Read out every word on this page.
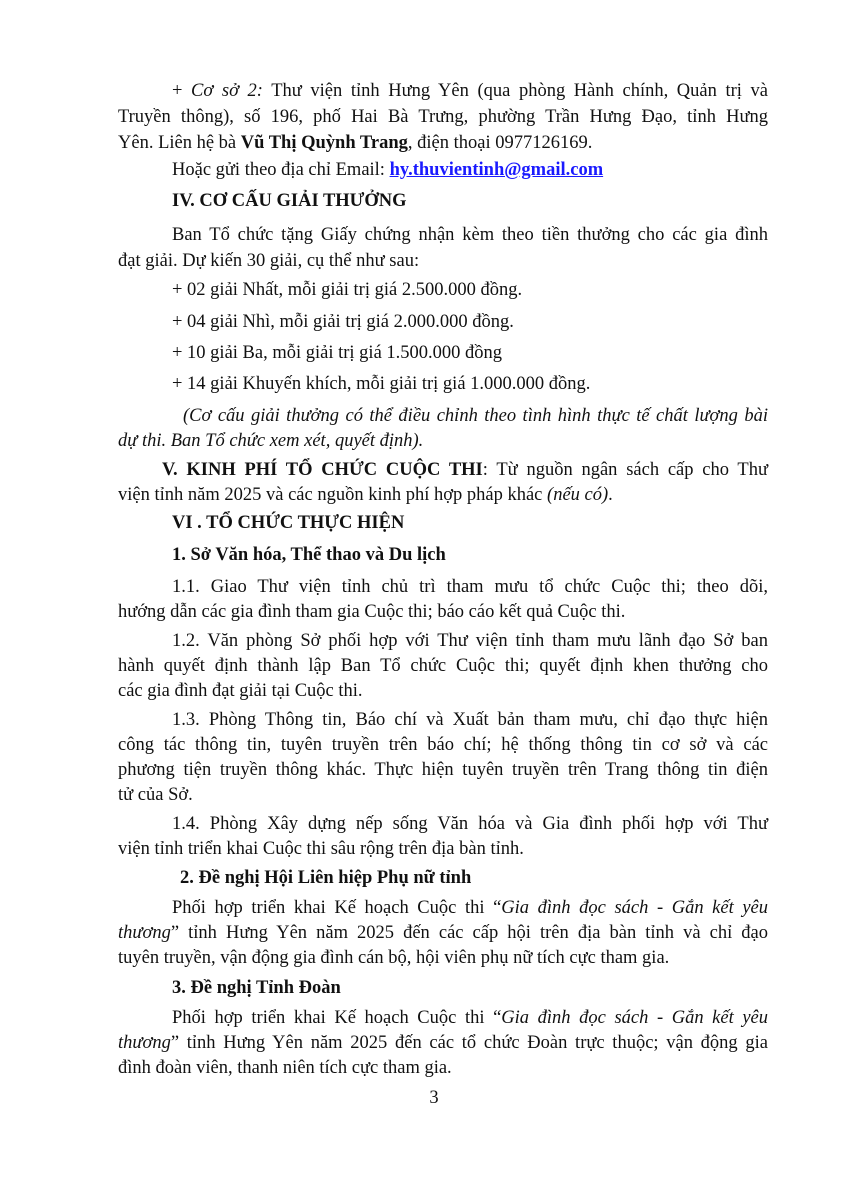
+ Cơ sở 2: Thư viện tỉnh Hưng Yên (qua phòng Hành chính, Quản trị và
Truyền thông), số 196, phố Hai Bà Trưng, phường Trần Hưng Đạo, tỉnh Hưng
Yên. Liên hệ bà Vũ Thị Quỳnh Trang, điện thoại 0977126169.
Hoặc gửi theo địa chỉ Email: hy.thuvientinh@gmail.com
IV. CƠ CẤU GIẢI THƯỞNG
Ban Tổ chức tặng Giấy chứng nhận kèm theo tiền thưởng cho các gia đình
đạt giải. Dự kiến 30 giải, cụ thể như sau:
+ 02 giải Nhất, mỗi giải trị giá 2.500.000 đồng.
+ 04 giải Nhì, mỗi giải trị giá 2.000.000 đồng.
+ 10 giải Ba, mỗi giải trị giá 1.500.000 đồng
+ 14 giải Khuyến khích, mỗi giải trị giá 1.000.000 đồng.
(Cơ cấu giải thưởng có thể điều chỉnh theo tình hình thực tế chất lượng bài
dự thi. Ban Tổ chức xem xét, quyết định).
V. KINH PHÍ TỔ CHỨC CUỘC THI: Từ nguồn ngân sách cấp cho Thư
viện tỉnh năm 2025 và các nguồn kinh phí hợp pháp khác (nếu có).
VI . TỔ CHỨC THỰC HIỆN
1. Sở Văn hóa, Thể thao và Du lịch
1.1. Giao Thư viện tỉnh chủ trì tham mưu tổ chức Cuộc thi; theo dõi,
hướng dẫn các gia đình tham gia Cuộc thi; báo cáo kết quả Cuộc thi.
1.2. Văn phòng Sở phối hợp với Thư viện tỉnh tham mưu lãnh đạo Sở ban
hành quyết định thành lập Ban Tổ chức Cuộc thi; quyết định khen thưởng cho
các gia đình đạt giải tại Cuộc thi.
1.3. Phòng Thông tin, Báo chí và Xuất bản tham mưu, chỉ đạo thực hiện
công tác thông tin, tuyên truyền trên báo chí; hệ thống thông tin cơ sở và các
phương tiện truyền thông khác. Thực hiện tuyên truyền trên Trang thông tin điện
tử của Sở.
1.4. Phòng Xây dựng nếp sống Văn hóa và Gia đình phối hợp với Thư
viện tỉnh triển khai Cuộc thi sâu rộng trên địa bàn tỉnh.
2. Đề nghị Hội Liên hiệp Phụ nữ tỉnh
Phối hợp triển khai Kế hoạch Cuộc thi “Gia đình đọc sách - Gắn kết yêu
thương” tỉnh Hưng Yên năm 2025 đến các cấp hội trên địa bàn tỉnh và chỉ đạo
tuyên truyền, vận động gia đình cán bộ, hội viên phụ nữ tích cực tham gia.
3. Đề nghị Tỉnh Đoàn
Phối hợp triển khai Kế hoạch Cuộc thi “Gia đình đọc sách - Gắn kết yêu
thương” tỉnh Hưng Yên năm 2025 đến các tổ chức Đoàn trực thuộc; vận động gia
đình đoàn viên, thanh niên tích cực tham gia.
3
